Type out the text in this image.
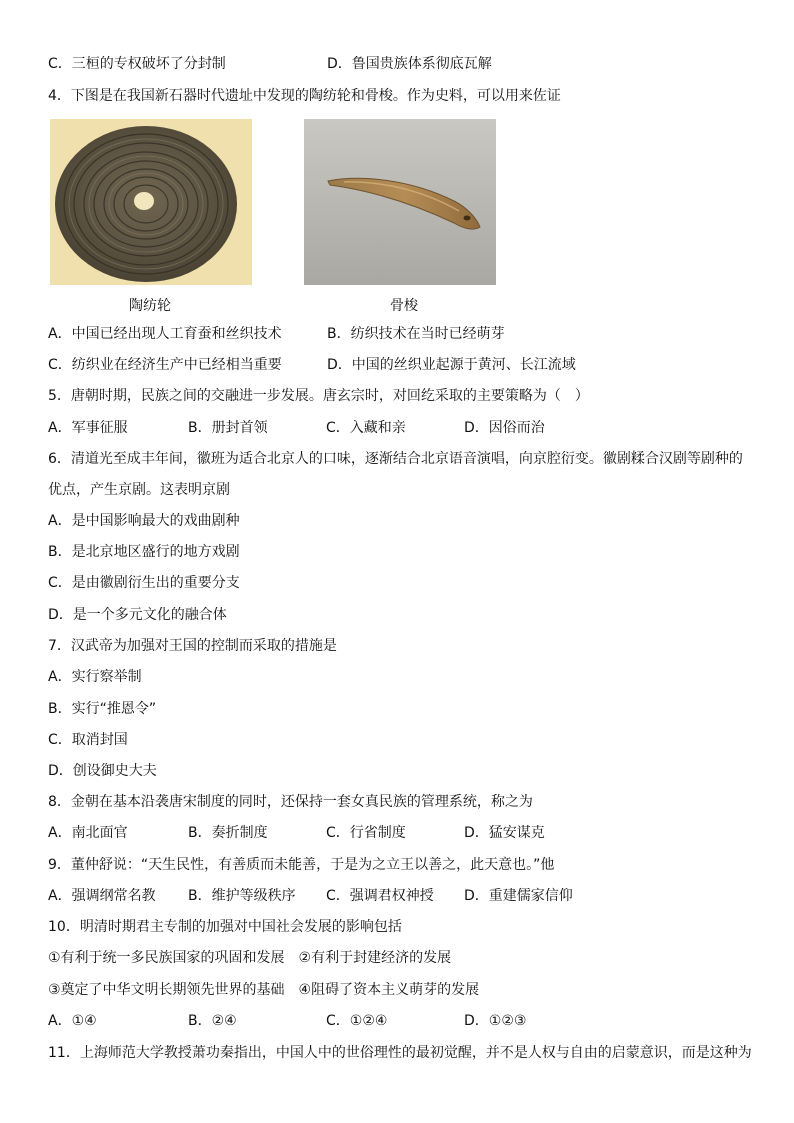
C．三桓的专权破坏了分封制	D．鲁国贵族体系彻底瓦解
4．下图是在我国新石器时代遗址中发现的陶纺轮和骨梭。作为史料，可以用来佐证
陶纺轮	骨梭
A．中国已经出现人工育蚕和丝织技术	B．纺织技术在当时已经萌芽
C．纺织业在经济生产中已经相当重要	D．中国的丝织业起源于黄河、长江流域
5．唐朝时期，民族之间的交融进一步发展。唐玄宗时，对回纥采取的主要策略为（　）
A．军事征服	B．册封首领	C．入藏和亲	D．因俗而治
6．清道光至成丰年间，徽班为适合北京人的口味，逐渐结合北京语音演唱，向京腔衍变。徽剧糅合汉剧等剧种的
优点，产生京剧。这表明京剧
A．是中国影响最大的戏曲剧种
B．是北京地区盛行的地方戏剧
C．是由徽剧衍生出的重要分支
D．是一个多元文化的融合体
7．汉武帝为加强对王国的控制而采取的措施是
A．实行察举制
B．实行“推恩令”
C．取消封国
D．创设御史大夫
8．金朝在基本沿袭唐宋制度的同时，还保持一套女真民族的管理系统，称之为
A．南北面官	B．奏折制度	C．行省制度	D．猛安谋克
9．董仲舒说：“天生民性，有善质而未能善，于是为之立王以善之，此天意也。”他
A．强调纲常名教 B．维护等级秩序 C．强调君权神授 D．重建儒家信仰
10．明清时期君主专制的加强对中国社会发展的影响包括
①有利于统一多民族国家的巩固和发展　②有利于封建经济的发展
③奠定了中华文明长期领先世界的基础　④阻碍了资本主义萌芽的发展
A．①④	B．②④	C．①②④	D．①②③
11．上海师范大学教授萧功秦指出，中国人中的世俗理性的最初觉醒，并不是人权与自由的启蒙意识，而是这种为
